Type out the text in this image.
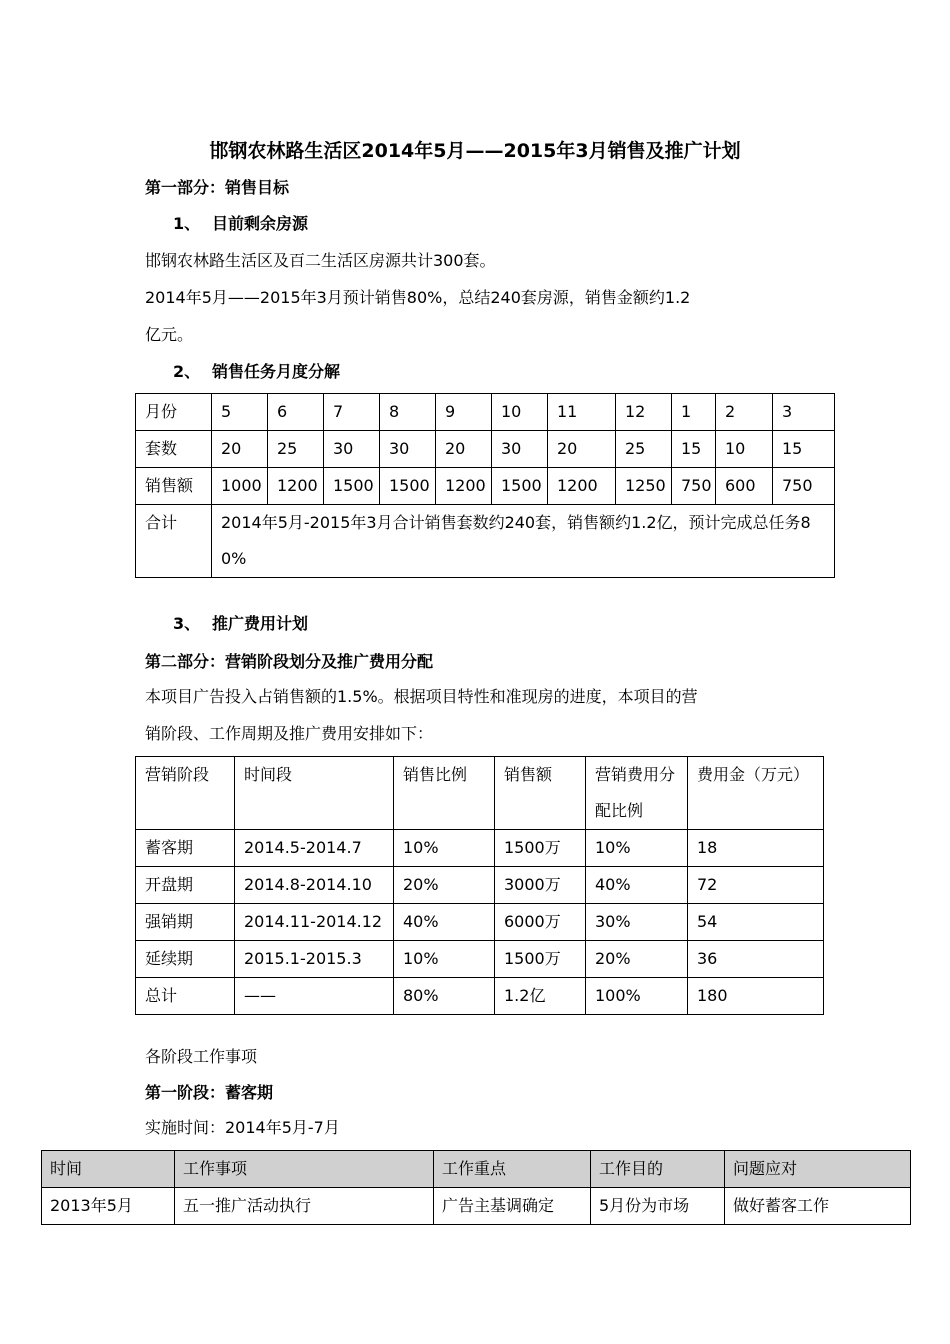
邯钢农林路生活区2014年5月——2015年3月销售及推广计划
第一部分：销售目标
1、 目前剩余房源
邯钢农林路生活区及百二生活区房源共计300套。
2014年5月——2015年3月预计销售80%，总结240套房源，销售金额约1.2
亿元。
2、 销售任务月度分解
月份	5	6	7	8	9	10	11	12	1	2	3
套数	20	25	30	30	20	30	20	25	15	10	15
销售额	1000	1200	1500	1500	1200	1500	1200	1250	750	600	750
合计	2014年5月-2015年3月合计销售套数约240套，销售额约1.2亿，预计完成总任务80%										
3、 推广费用计划
第二部分：营销阶段划分及推广费用分配
本项目广告投入占销售额的1.5%。根据项目特性和准现房的进度，本项目的营
销阶段、工作周期及推广费用安排如下：
营销阶段	时间段	销售比例	销售额	营销费用分配比例	费用金（万元）
蓄客期	2014.5-2014.7	10%	1500万	10%	18
开盘期	2014.8-2014.10	20%	3000万	40%	72
强销期	2014.11-2014.12	40%	6000万	30%	54
延续期	2015.1-2015.3	10%	1500万	20%	36
总计	——	80%	1.2亿	100%	180
各阶段工作事项
第一阶段：蓄客期
实施时间：2014年5月-7月
时间	工作事项	工作重点	工作目的	问题应对
2013年5月	五一推广活动执行	广告主基调确定	5月份为市场	做好蓄客工作
